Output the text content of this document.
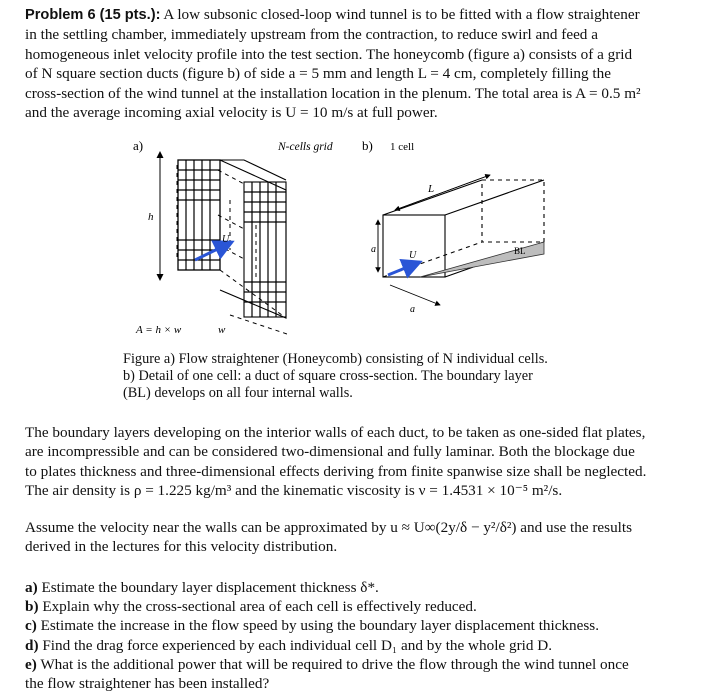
Problem 6 (15 pts.): A low subsonic closed-loop wind tunnel is to be fitted with a flow straightener

in the settling chamber, immediately upstream from the contraction, to reduce swirl and feed a

homogeneous inlet velocity profile into the test section. The honeycomb (figure a) consists of a grid

of N square section ducts (figure b) of side a = 5 mm and length L = 4 cm, completely filling the

cross-section of the wind tunnel at the installation location in the plenum. The total area is A = 0.5 m²

and the average incoming axial velocity is U = 10 m/s at full power.

a)	N-cells grid b) 1 cell
h
U
A = h × w	w
L
a
U
a
BL
Figure a) Flow straightener (Honeycomb) consisting of N individual cells.
b) Detail of one cell: a duct of square cross-section. The boundary layer
(BL) develops on all four internal walls.

The boundary layers developing on the interior walls of each duct, to be taken as one-sided flat plates,

are incompressible and can be considered two-dimensional and fully laminar. Both the blockage due

to plates thickness and three-dimensional effects deriving from finite spanwise size shall be neglected.

The air density is ρ = 1.225 kg/m³ and the kinematic viscosity is ν = 1.4531 × 10⁻⁵ m²/s.

Assume the velocity near the walls can be approximated by u ≈ U∞(2y/δ − y²/δ²) and use the results

derived in the lectures for this velocity distribution.

a) Estimate the boundary layer displacement thickness δ*.
b) Explain why the cross-sectional area of each cell is effectively reduced.
c) Estimate the increase in the flow speed by using the boundary layer displacement thickness.
d) Find the drag force experienced by each individual cell D₁ and by the whole grid D.
e) What is the additional power that will be required to drive the flow through the wind tunnel once
the flow straightener has been installed?
